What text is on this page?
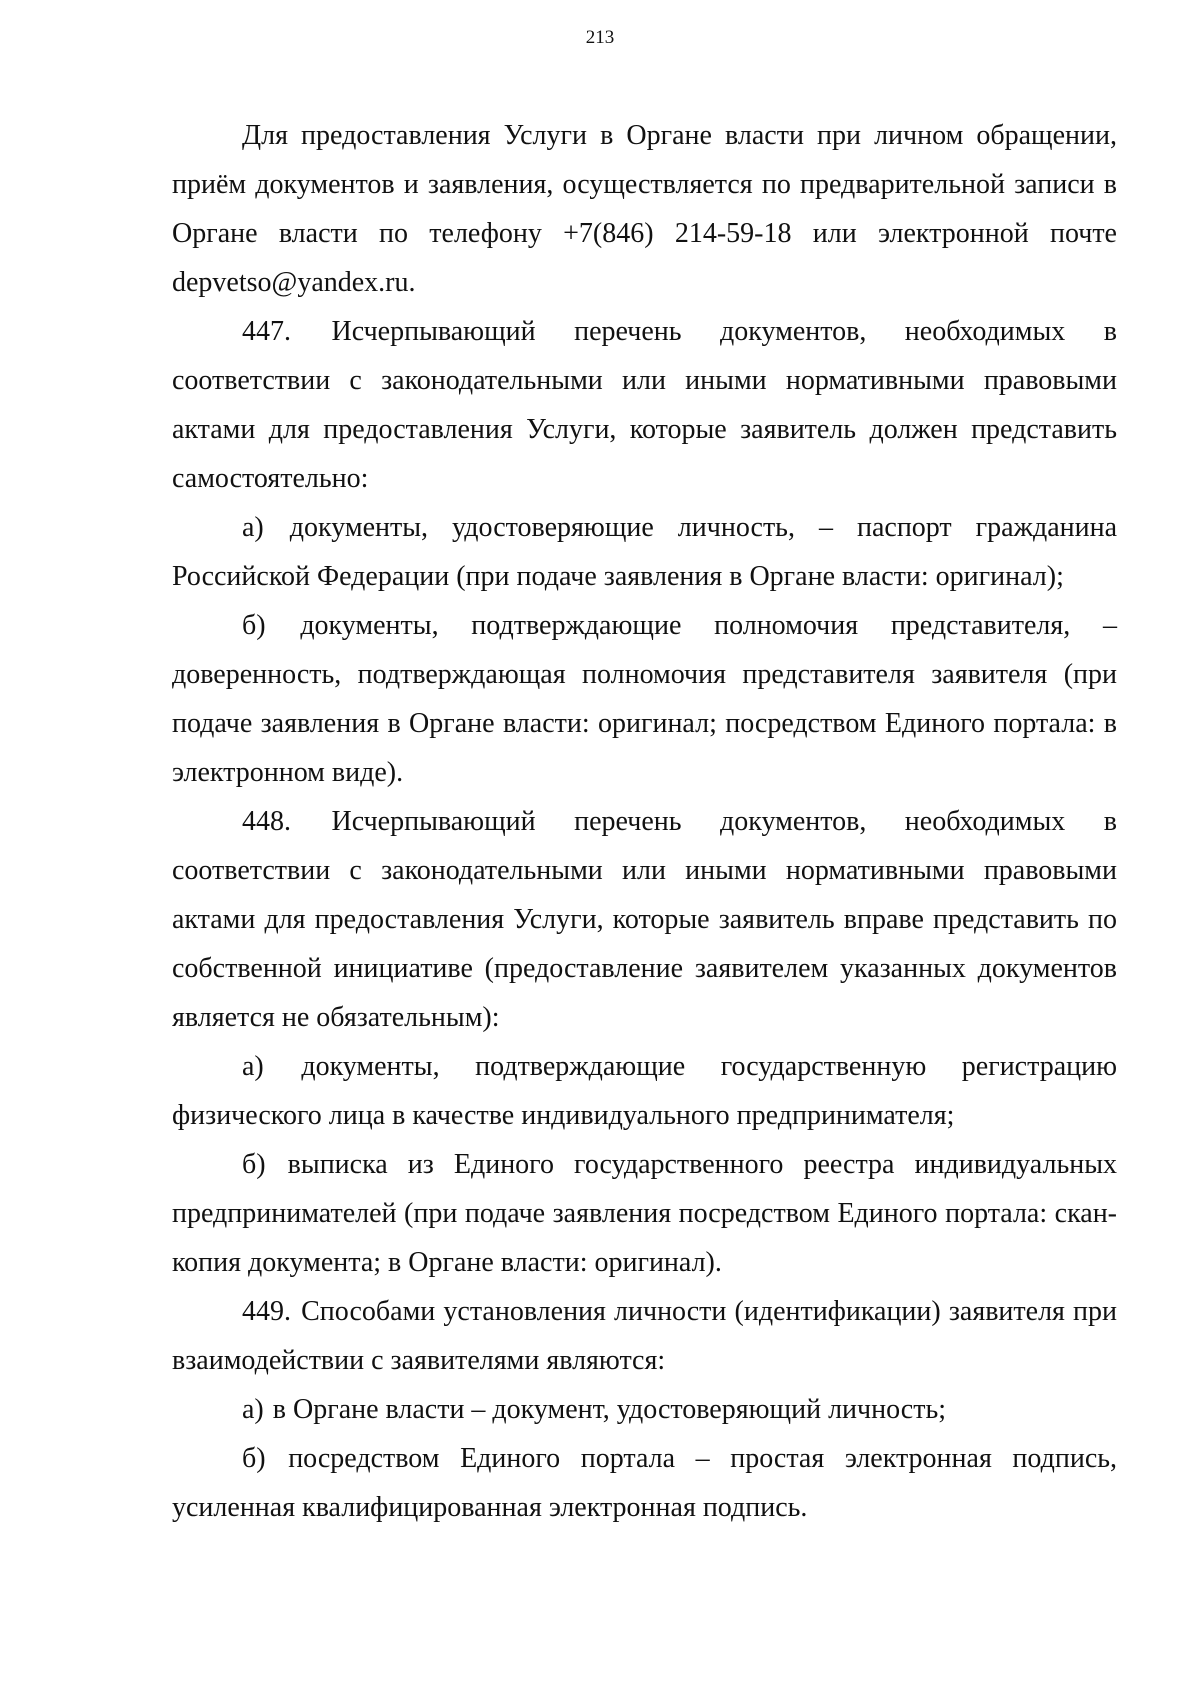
213

Для предоставления Услуги в Органе власти при личном обращении, приём документов и заявления, осуществляется по предварительной записи в Органе власти по телефону +7(846) 214-59-18 или электронной почте depvetso@yandex.ru.

447. Исчерпывающий перечень документов, необходимых в соответствии с законодательными или иными нормативными правовыми актами для предоставления Услуги, которые заявитель должен представить самостоятельно:

а) документы, удостоверяющие личность, – паспорт гражданина Российской Федерации (при подаче заявления в Органе власти: оригинал);

б) документы, подтверждающие полномочия представителя, – доверенность, подтверждающая полномочия представителя заявителя (при подаче заявления в Органе власти: оригинал; посредством Единого портала: в электронном виде).

448. Исчерпывающий перечень документов, необходимых в соответствии с законодательными или иными нормативными правовыми актами для предоставления Услуги, которые заявитель вправе представить по собственной инициативе (предоставление заявителем указанных документов является не обязательным):

а) документы, подтверждающие государственную регистрацию физического лица в качестве индивидуального предпринимателя;

б) выписка из Единого государственного реестра индивидуальных предпринимателей (при подаче заявления посредством Единого портала: скан-копия документа; в Органе власти: оригинал).

449. Способами установления личности (идентификации) заявителя при взаимодействии с заявителями являются:

а) в Органе власти – документ, удостоверяющий личность;

б) посредством Единого портала – простая электронная подпись, усиленная квалифицированная электронная подпись.
